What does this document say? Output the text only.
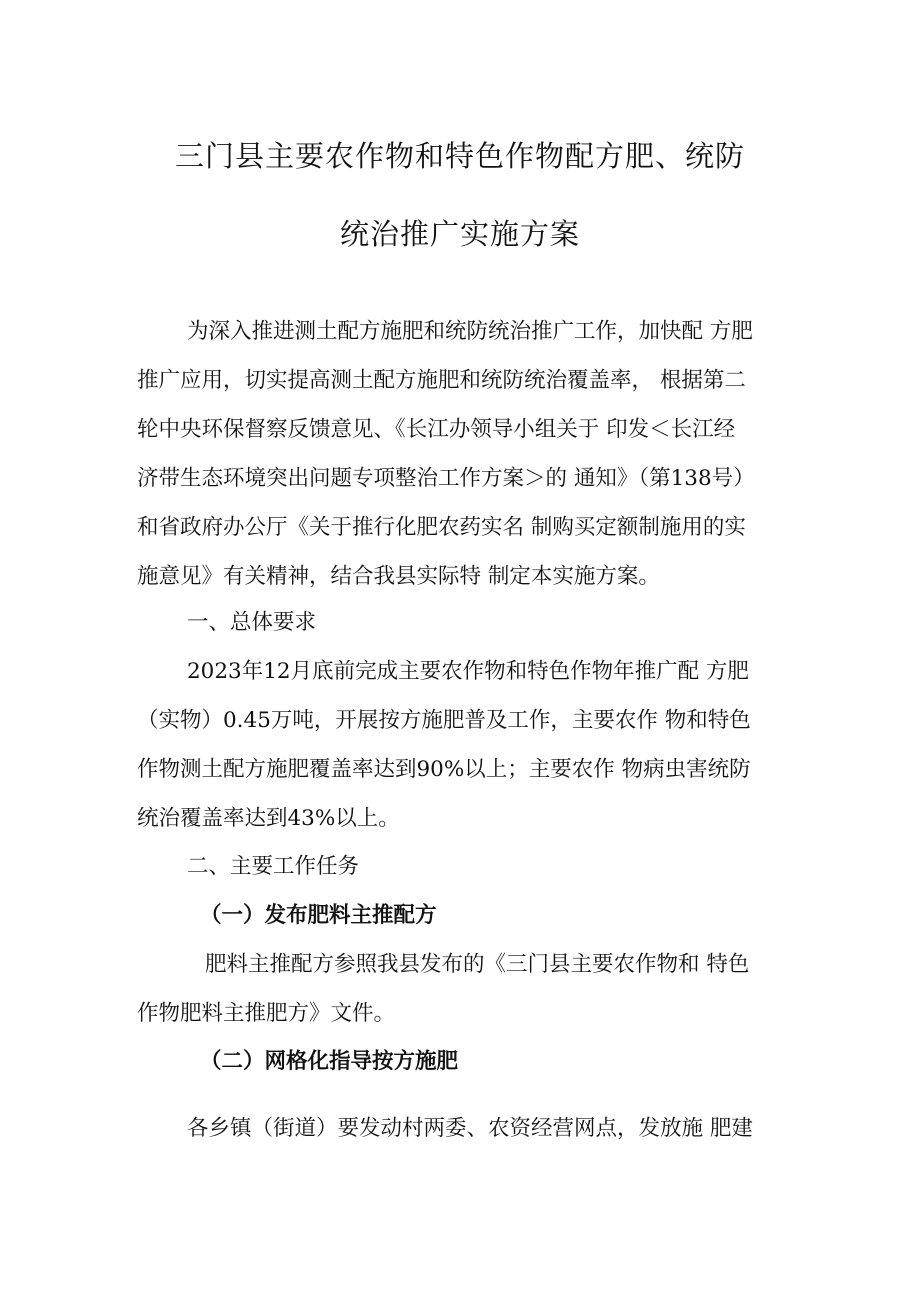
三门县主要农作物和特色作物配方肥、统防
统治推广实施方案
为深入推进测土配方施肥和统防统治推广工作，加快配 方肥
推广应用，切实提高测土配方施肥和统防统治覆盖率， 根据第二
轮中央环保督察反馈意见、《长江办领导小组关于 印发＜长江经
济带生态环境突出问题专项整治工作方案＞的 通知》（第138号）
和省政府办公厅《关于推行化肥农药实名 制购买定额制施用的实
施意见》有关精神，结合我县实际特 制定本实施方案。
一、总体要求
2023年12月底前完成主要农作物和特色作物年推广配 方肥
（实物）0.45万吨，开展按方施肥普及工作，主要农作 物和特色
作物测土配方施肥覆盖率达到90%以上；主要农作 物病虫害统防
统治覆盖率达到43%以上。
二、主要工作任务
（一）发布肥料主推配方
肥料主推配方参照我县发布的《三门县主要农作物和 特色
作物肥料主推肥方》文件。
（二）网格化指导按方施肥
各乡镇（街道）要发动村两委、农资经营网点，发放施 肥建
